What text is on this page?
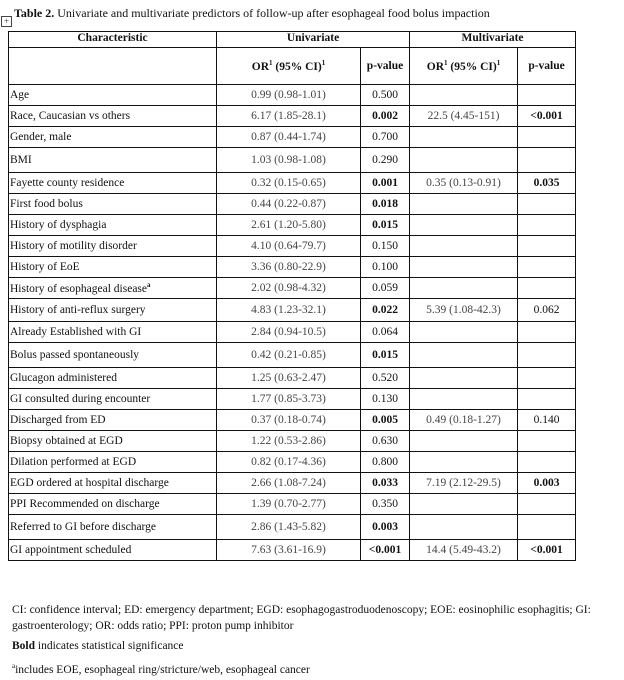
+
Table 2. Univariate and multivariate predictors of follow-up after esophageal food bolus impaction
Characteristic	Univariate		Multivariate	
	$OR^1$ (95% CI)$^1$	p-value	$OR^1$ (95% CI)$^1$	p-value
Age	0.99 (0.98-1.01)	0.500		
Race, Caucasian vs others	6.17 (1.85-28.1)	0.002	22.5 (4.45-151)	<0.001
Gender, male	0.87 (0.44-1.74)	0.700		
BMI	1.03 (0.98-1.08)	0.290		
Fayette county residence	0.32 (0.15-0.65)	0.001	0.35 (0.13-0.91)	0.035
First food bolus	0.44 (0.22-0.87)	0.018		
History of dysphagia	2.61 (1.20-5.80)	0.015		
History of motility disorder	4.10 (0.64-79.7)	0.150		
History of EoE	3.36 (0.80-22.9)	0.100		
History of esophageal disease$^a$	2.02 (0.98-4.32)	0.059		
History of anti-reflux surgery	4.83 (1.23-32.1)	0.022	5.39 (1.08-42.3)	0.062
Already Established with GI	2.84 (0.94-10.5)	0.064		
Bolus passed spontaneously	0.42 (0.21-0.85)	0.015		
Glucagon administered	1.25 (0.63-2.47)	0.520		
GI consulted during encounter	1.77 (0.85-3.73)	0.130		
Discharged from ED	0.37 (0.18-0.74)	0.005	0.49 (0.18-1.27)	0.140
Biopsy obtained at EGD	1.22 (0.53-2.86)	0.630		
Dilation performed at EGD	0.82 (0.17-4.36)	0.800		
EGD ordered at hospital discharge	2.66 (1.08-7.24)	0.033	7.19 (2.12-29.5)	0.003
PPI Recommended on discharge	1.39 (0.70-2.77)	0.350		
Referred to GI before discharge	2.86 (1.43-5.82)	0.003		
GI appointment scheduled	7.63 (3.61-16.9)	<0.001	14.4 (5.49-43.2)	<0.001

CI: confidence interval; ED: emergency department; EGD: esophagogastroduodenoscopy; EOE: eosinophilic esophagitis; GI: gastroenterology; OR: odds ratio; PPI: proton pump inhibitor

Bold indicates statistical significance

$^a$includes EOE, esophageal ring/stricture/web, esophageal cancer
